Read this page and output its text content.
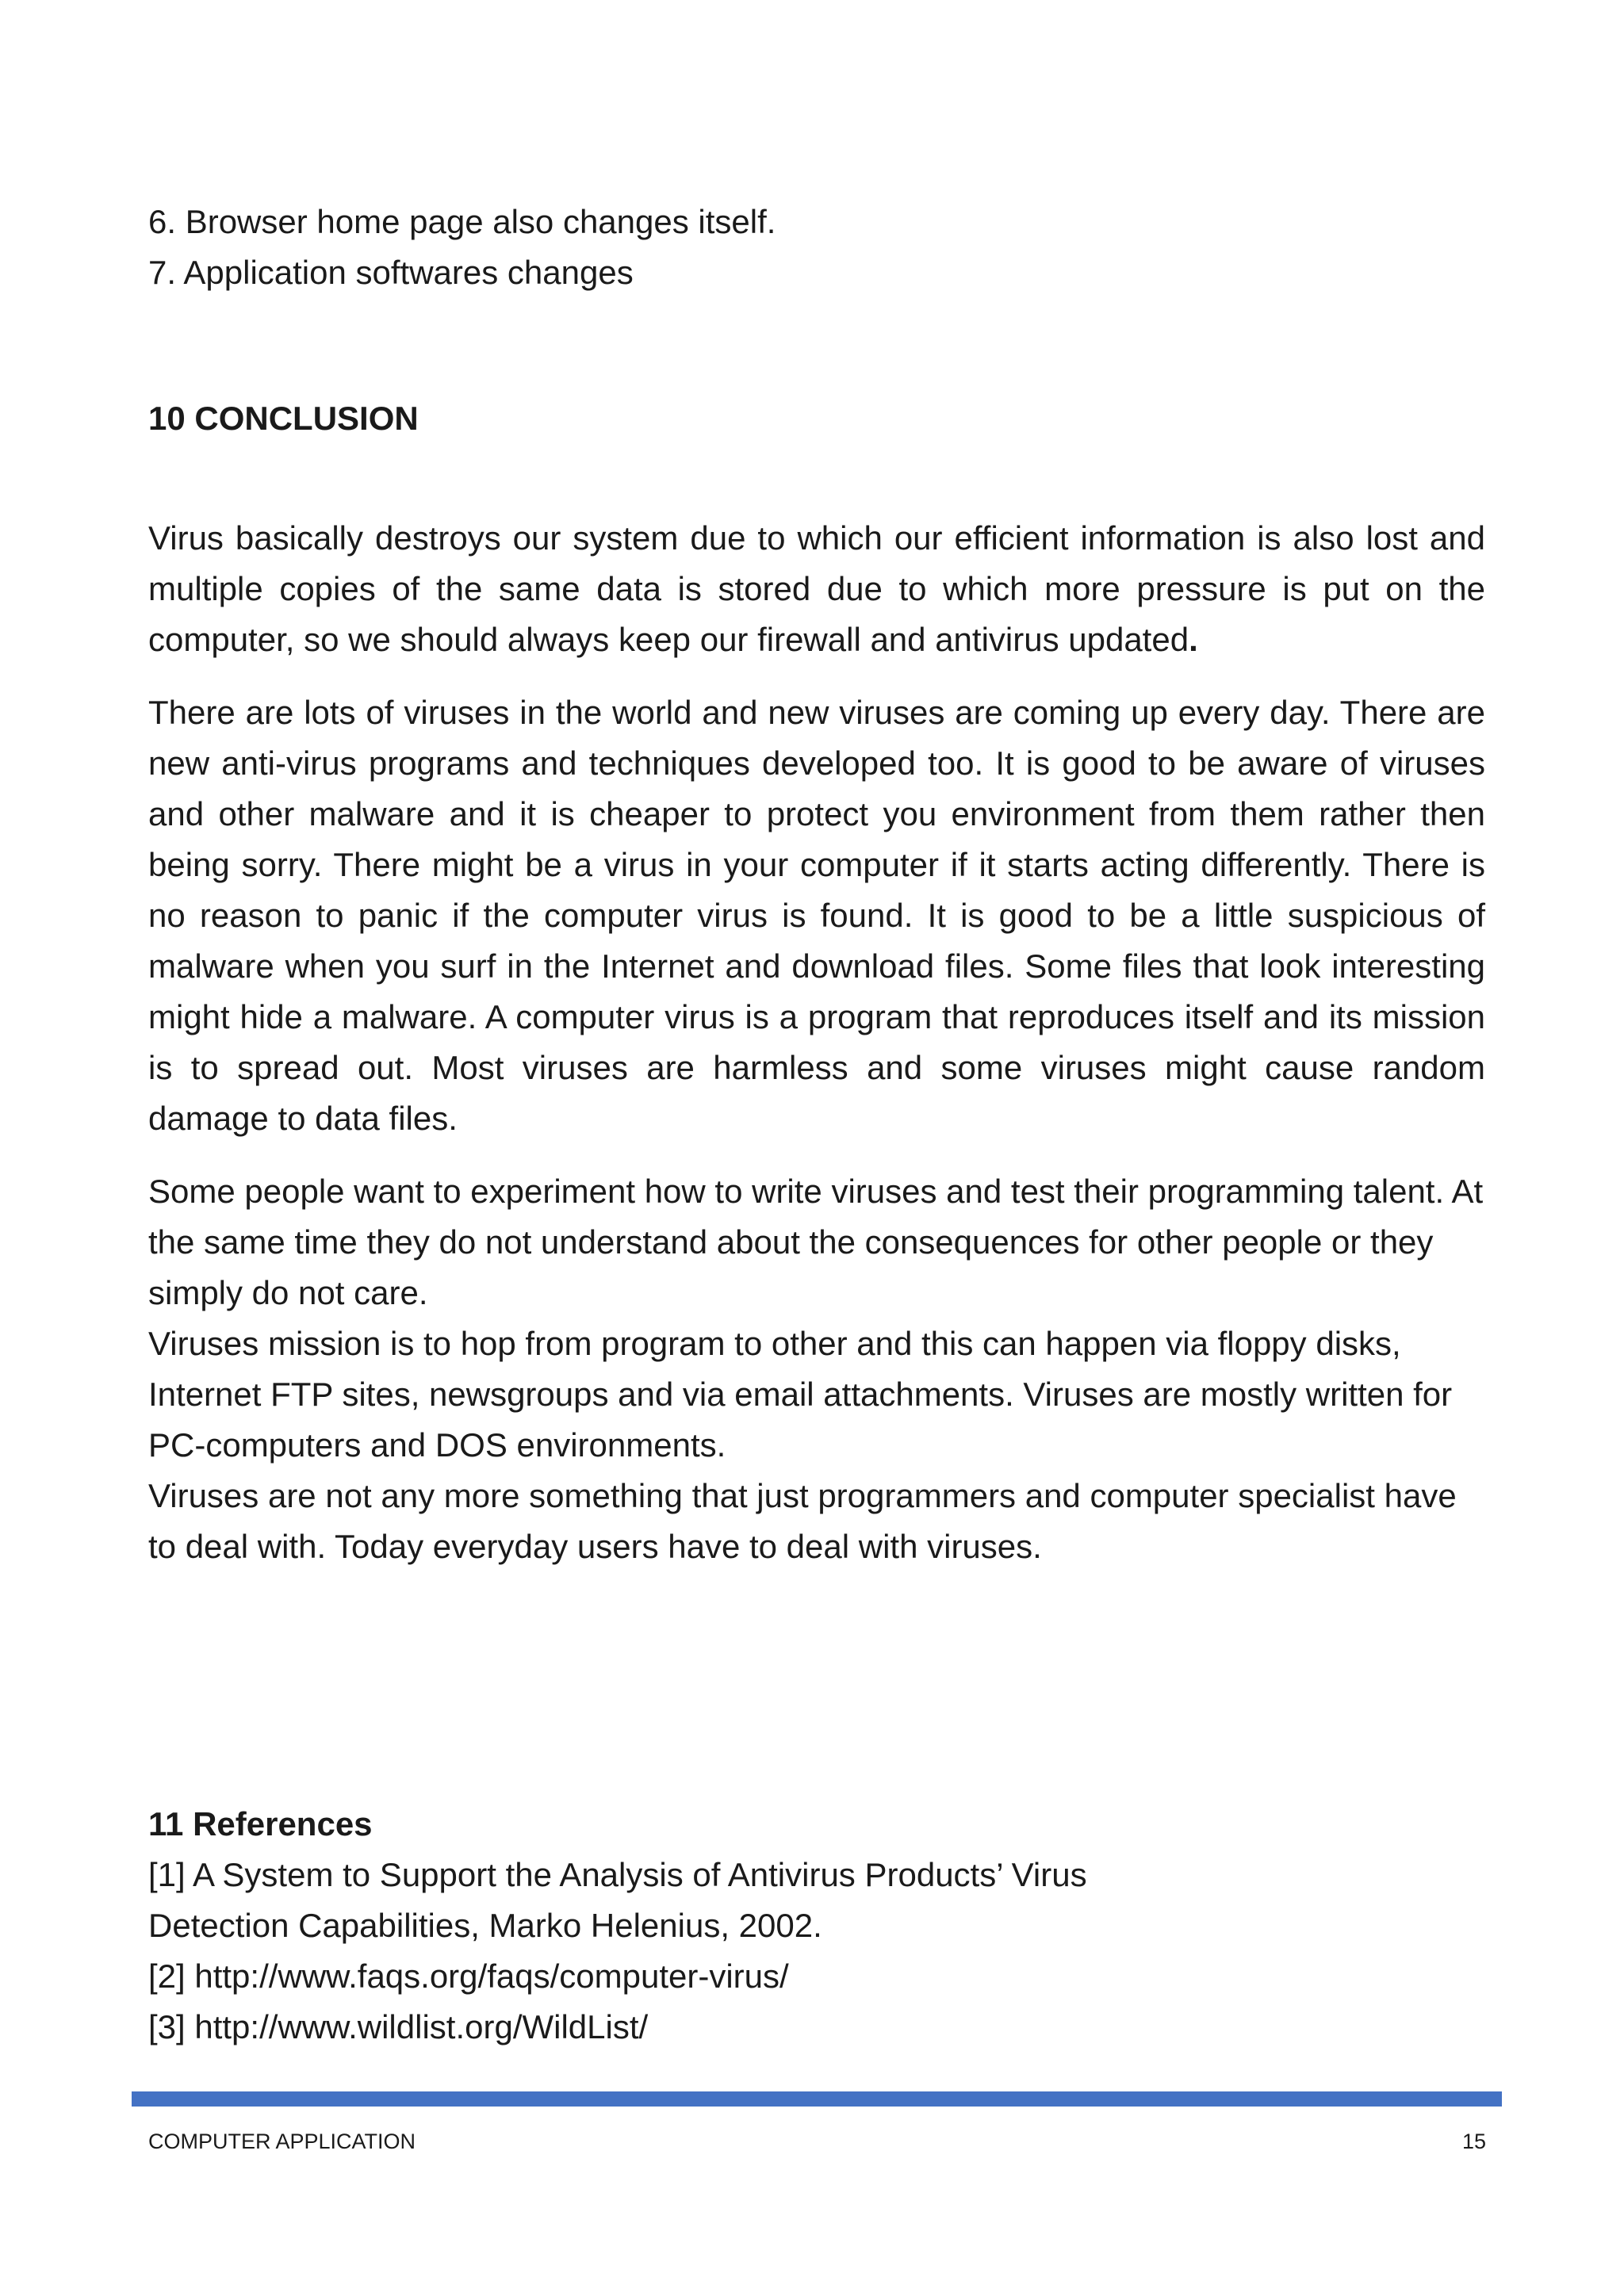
6. Browser home page also changes itself.
7. Application softwares changes
10 CONCLUSION

Virus basically destroys our system due to which our efficient information is also lost and multiple copies of the same data is stored due to which more pressure is put on the computer, so we should always keep our firewall and antivirus updated.

There are lots of viruses in the world and new viruses are coming up every day. There are new anti-virus programs and techniques developed too. It is good to be aware of viruses and other malware and it is cheaper to protect you environment from them rather then being sorry. There might be a virus in your computer if it starts acting differently. There is no reason to panic if the computer virus is found. It is good to be a little suspicious of malware when you surf in the Internet and download files. Some files that look interesting might hide a malware. A computer virus is a program that reproduces itself and its mission is to spread out. Most viruses are harmless and some viruses might cause random damage to data files.

Some people want to experiment how to write viruses and test their programming talent. At the same time they do not understand about the consequences for other people or they simply do not care.

Viruses mission is to hop from program to other and this can happen via floppy disks, Internet FTP sites, newsgroups and via email attachments. Viruses are mostly written for PC-computers and DOS environments.

Viruses are not any more something that just programmers and computer specialist have to deal with. Today everyday users have to deal with viruses.

11 References
[1] A System to Support the Analysis of Antivirus Products’ Virus
Detection Capabilities, Marko Helenius, 2002.
[2] http://www.faqs.org/faqs/computer-virus/
[3] http://www.wildlist.org/WildList/
COMPUTER APPLICATION	15
